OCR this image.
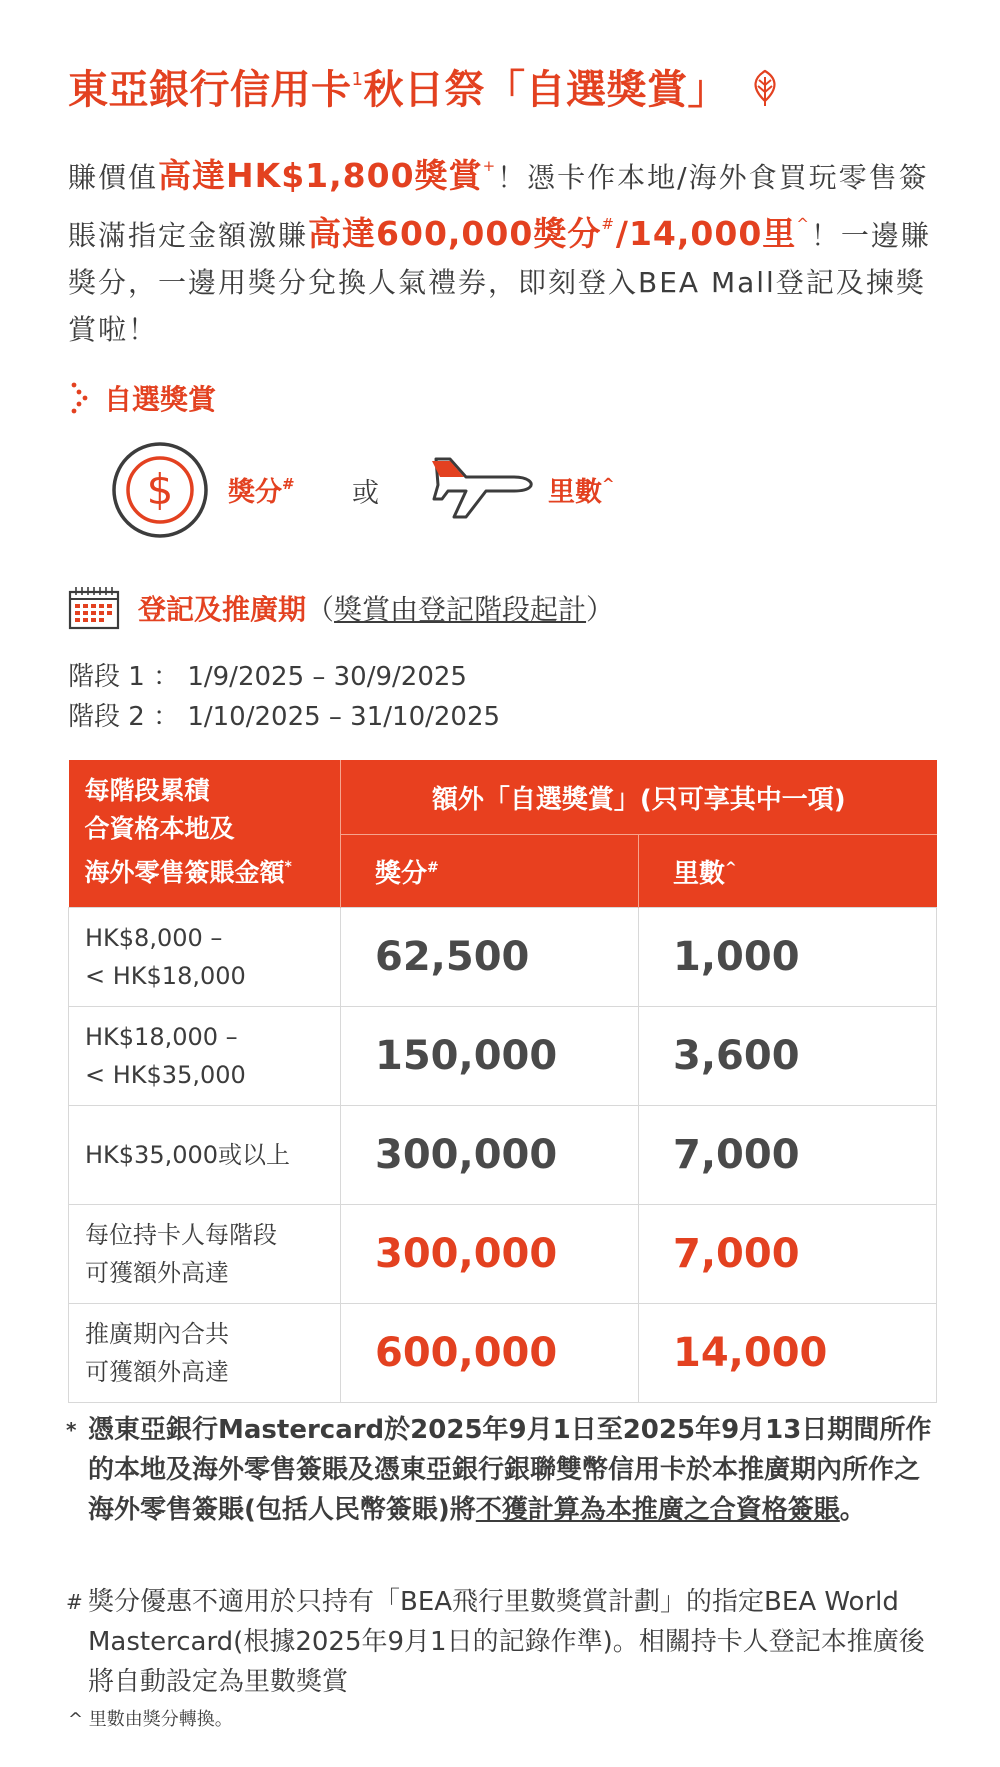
東亞銀行信用卡$^1$秋日祭「自選獎賞」
賺價值高達HK$1,800獎賞+！憑卡作本地/海外食買玩零售簽賬滿指定金額激賺高達600,000獎分#/14,000里^！一邊賺獎分，一邊用獎分兌換人氣禮券，即刻登入BEA Mall登記及揀獎賞啦！
自選獎賞
$ 獎分# 或	里數^
登記及推廣期（獎賞由登記階段起計）
階段 1 ： 1/9/2025 – 30/9/2025
階段 2 ： 1/10/2025 – 31/10/2025
每階段累積
合資格本地及
海外零售簽賬金額*	額外「自選獎賞」(只可享其中一項)	
	獎分#	里數^
HK$8,000 –
< HK$18,000	62,500	1,000
HK$18,000 –
< HK$35,000	150,000	3,600
HK$35,000或以上	300,000	7,000
每位持卡人每階段
可獲額外高達	300,000	7,000
推廣期內合共
可獲額外高達	600,000	14,000
* 憑東亞銀行Mastercard於2025年9月1日至2025年9月13日期間所作的本地及海外零售簽賬及憑東亞銀行銀聯雙幣信用卡於本推廣期內所作之海外零售簽賬(包括人民幣簽賬)將不獲計算為本推廣之合資格簽賬。
# 獎分優惠不適用於只持有「BEA飛行里數獎賞計劃」的指定BEA World Mastercard(根據2025年9月1日的記錄作準)。相關持卡人登記本推廣後將自動設定為里數獎賞
^ 里數由獎分轉換。
